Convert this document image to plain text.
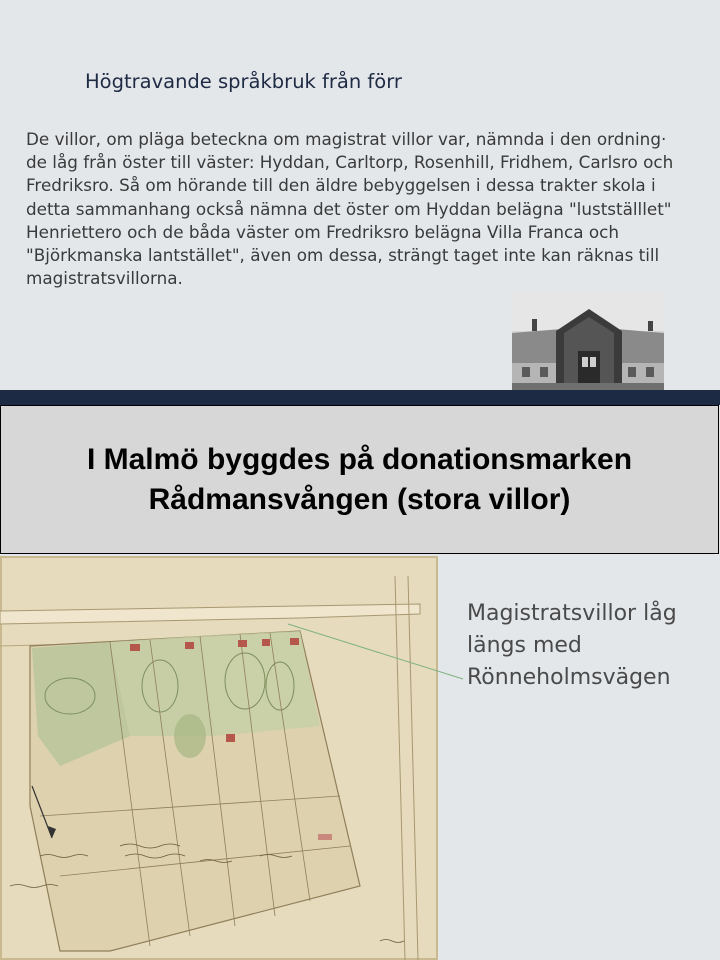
Högtravande språkbruk från förr

De villor, om pläga beteckna om magistrat villor var, nämnda i den ordning·

de låg från öster till väster: Hyddan, Carltorp, Rosenhill, Fridhem, Carlsro och

Fredriksro. Så om hörande till den äldre bebyggelsen i dessa trakter skola i

detta sammanhang också nämna det öster om Hyddan belägna "lustställlet"

Henriettero och de båda väster om Fredriksro belägna Villa Franca och

"Björkmanska lantstället", även om dessa, strängt taget inte kan räknas till

magistratsvillorna.

I Malmö byggdes på donationsmarken
Rådmansvången (stora villor)
Magistratsvillor låg
längs med
Rönneholmsvägen
